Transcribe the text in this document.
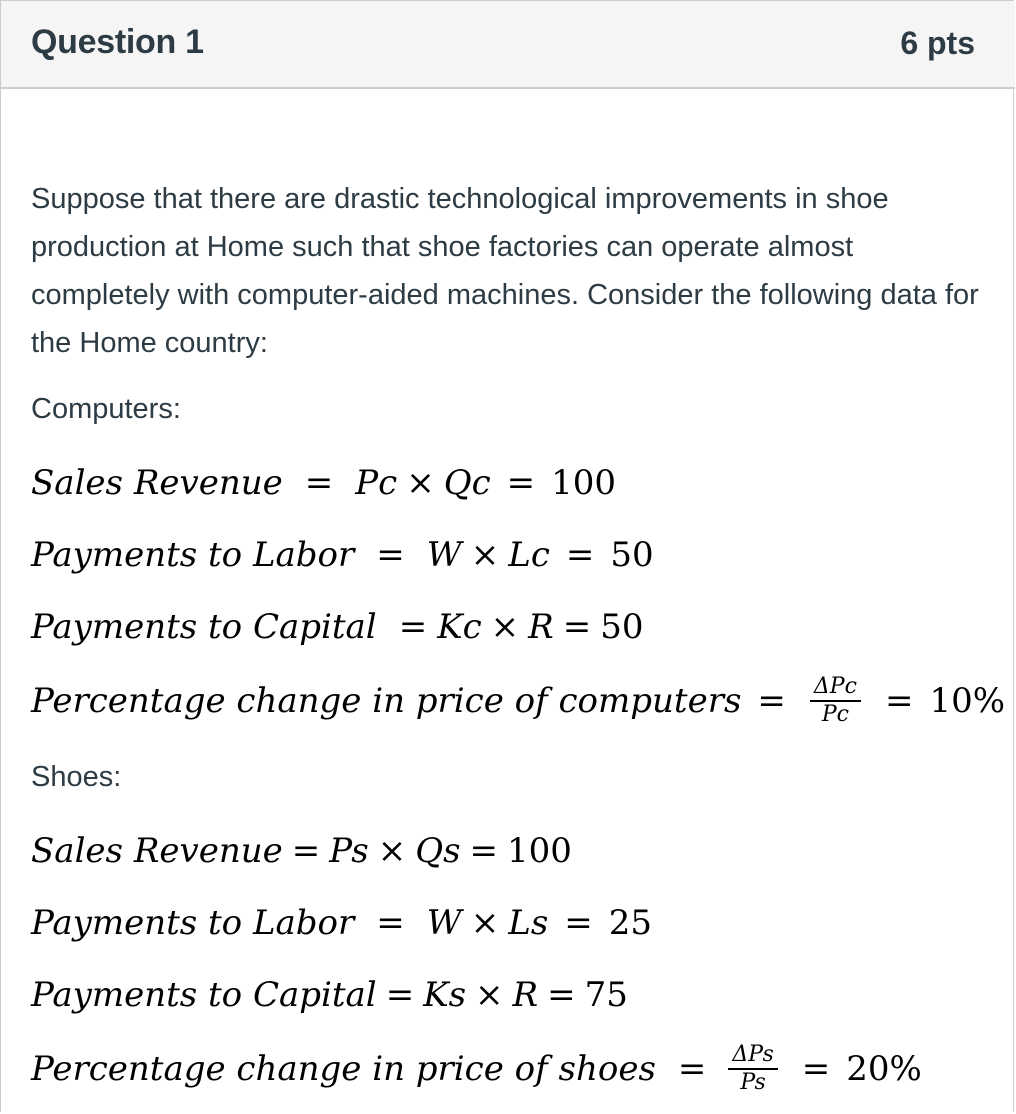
Question 1	6 pts

Suppose that there are drastic technological improvements in shoe production at Home such that shoe factories can operate almost completely with computer-aided machines. Consider the following data for the Home country:

Computers:
Sales Revenue = Pc × Qc = 100
Payments to Labor = W × Lc = 50
Payments to Capital = Kc × R = 50
Percentage change in price of computers = $\frac{\text{ΔPc}}{Pc} = 10\%$
Shoes:
Sales Revenue = Ps × Qs = 100
Payments to Labor = W × Ls = 25
Payments to Capital = Ks × R = 75
Percentage change in price of shoes = $\frac{\text{ΔPs}}{Ps} = 20\%$
